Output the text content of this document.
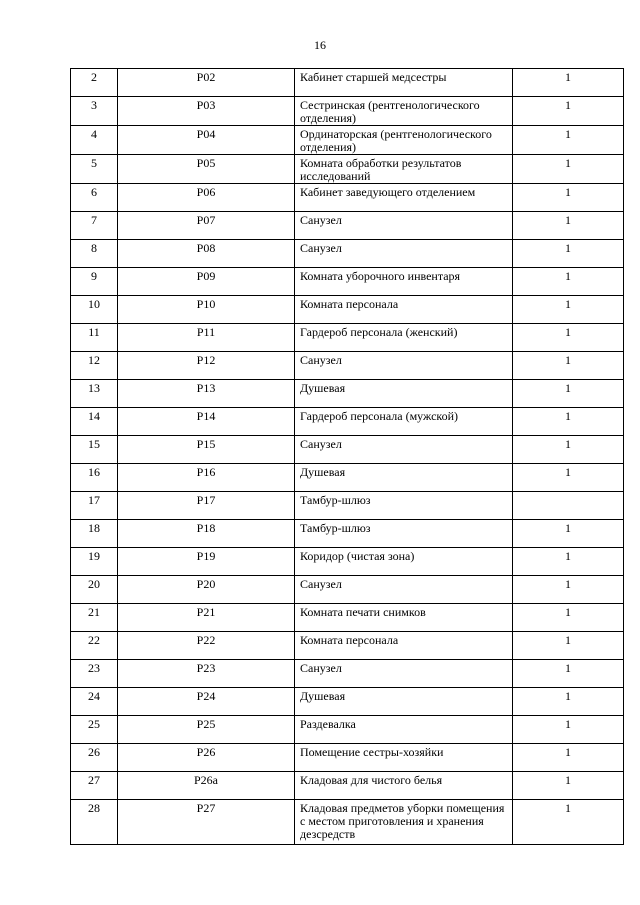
16
2	P02	Кабинет старшей медсестры	1
3	P03	Сестринская (рентгенологического отделения)	1
4	P04	Ординаторская (рентгенологического отделения)	1
5	P05	Комната обработки результатов исследований	1
6	P06	Кабинет заведующего отделением	1
7	P07	Санузел	1
8	P08	Санузел	1
9	P09	Комната уборочного инвентаря	1
10	P10	Комната персонала	1
11	P11	Гардероб персонала (женский)	1
12	P12	Санузел	1
13	P13	Душевая	1
14	P14	Гардероб персонала (мужской)	1
15	P15	Санузел	1
16	P16	Душевая	1
17	P17	Тамбур-шлюз	
18	P18	Тамбур-шлюз	1
19	P19	Коридор (чистая зона)	1
20	P20	Санузел	1
21	P21	Комната печати снимков	1
22	P22	Комната персонала	1
23	P23	Санузел	1
24	P24	Душевая	1
25	P25	Раздевалка	1
26	P26	Помещение сестры-хозяйки	1
27	P26a	Кладовая для чистого белья	1
28	P27	Кладовая предметов уборки помещения с местом приготовления и хранения дезсредств	1
